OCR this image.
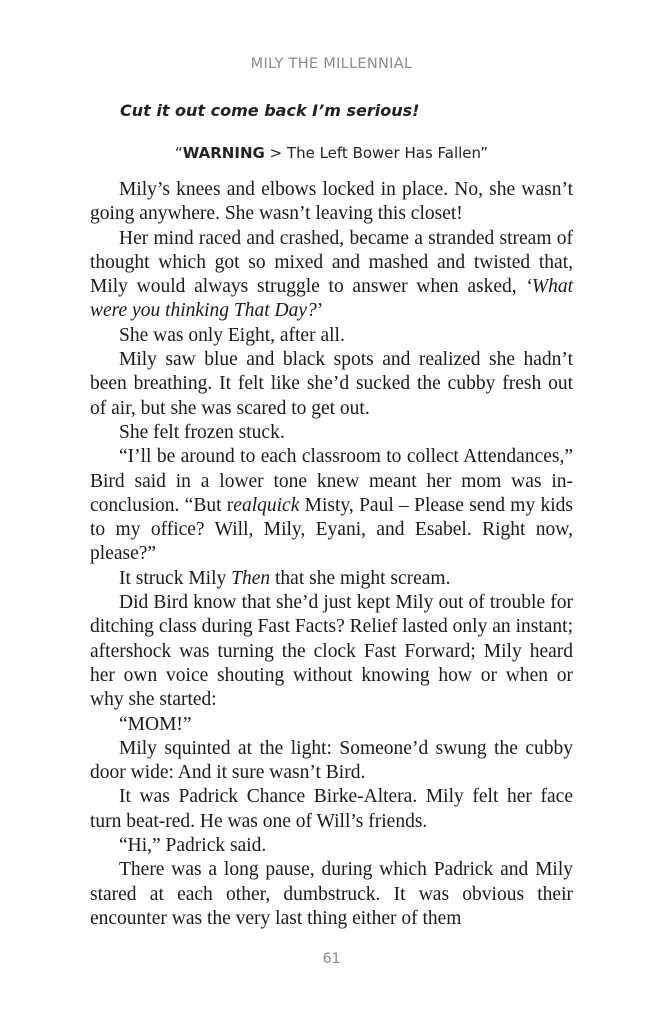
MILY THE MILLENNIAL
Cut it out come back I’m serious!
“WARNING > The Left Bower Has Fallen”

Mily’s knees and elbows locked in place. No, she wasn’t going anywhere. She wasn’t leaving this closet!

Her mind raced and crashed, became a stranded stream of thought which got so mixed and mashed and twisted that, Mily would always struggle to answer when asked, ‘What were you thinking That Day?’

She was only Eight, after all.

Mily saw blue and black spots and realized she hadn’t been breathing. It felt like she’d sucked the cubby fresh out of air, but she was scared to get out.

She felt frozen stuck.

“I’ll be around to each classroom to collect Attendances,” Bird said in a lower tone knew meant her mom was in-conclusion. “But realquick Misty, Paul – Please send my kids to my office? Will, Mily, Eyani, and Esabel. Right now, please?”

It struck Mily Then that she might scream.

Did Bird know that she’d just kept Mily out of trouble for ditching class during Fast Facts? Relief lasted only an instant; aftershock was turning the clock Fast Forward; Mily heard her own voice shouting without knowing how or when or why she started:

“MOM!”

Mily squinted at the light: Someone’d swung the cubby door wide: And it sure wasn’t Bird.

It was Padrick Chance Birke-Altera. Mily felt her face turn beat-red. He was one of Will’s friends.

“Hi,” Padrick said.

There was a long pause, during which Padrick and Mily stared at each other, dumbstruck. It was obvious their encounter was the very last thing either of them

61
